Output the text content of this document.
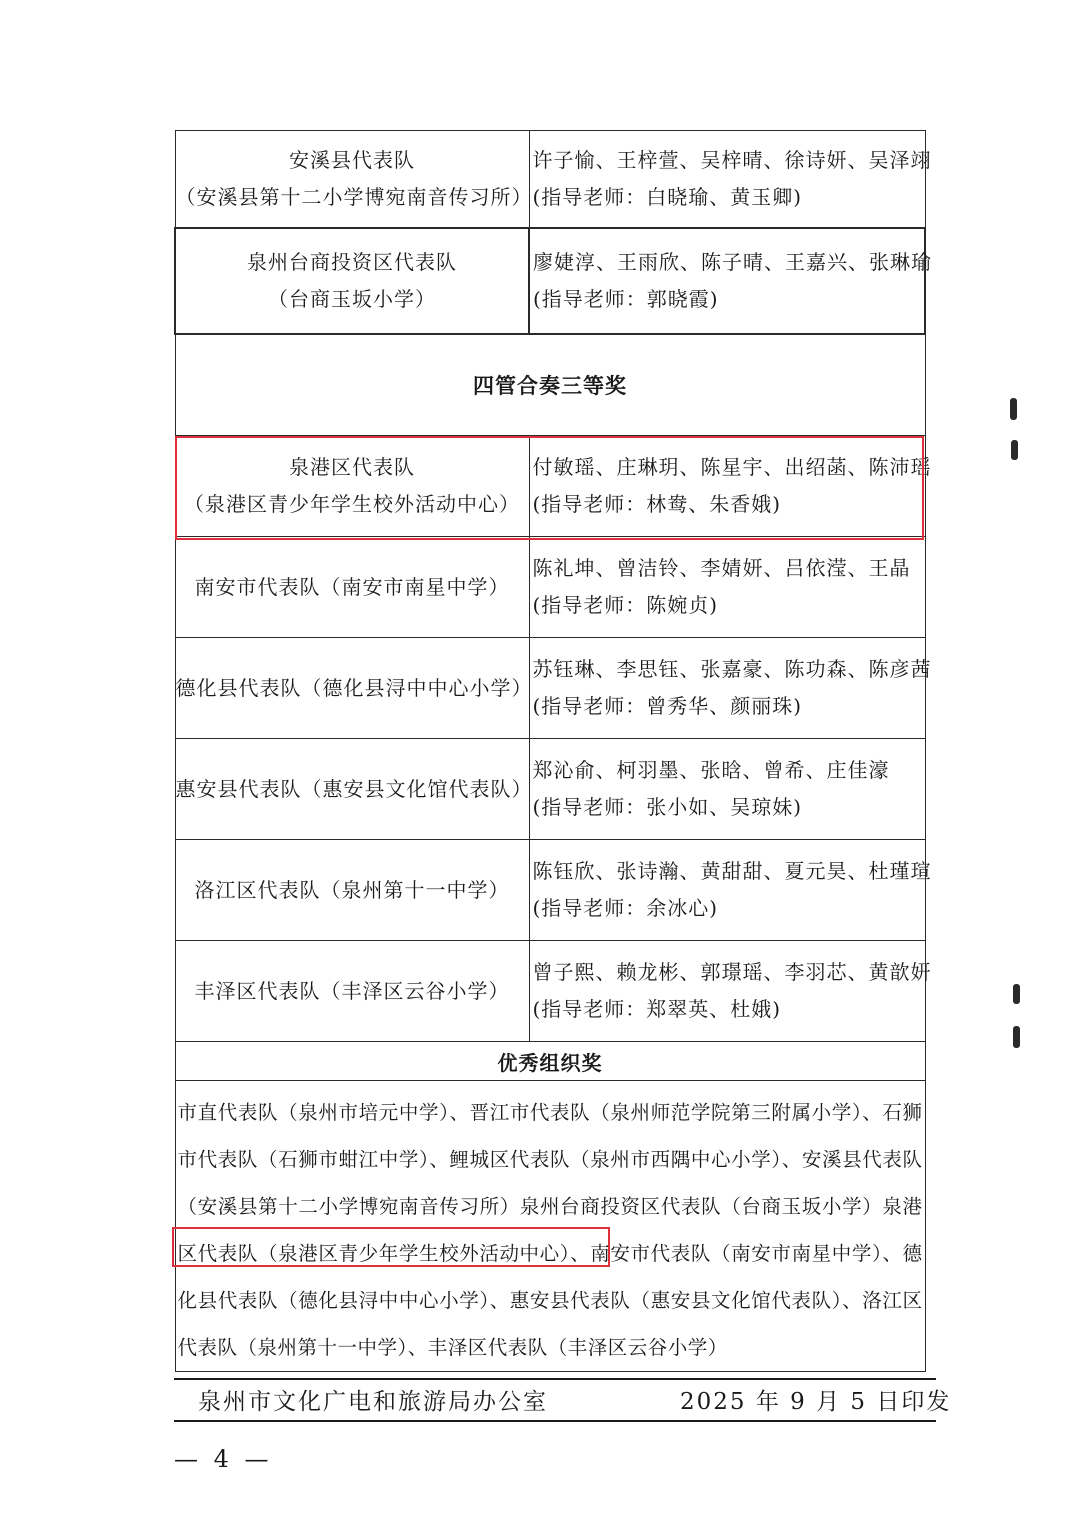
安溪县代表队
（安溪县第十二小学博宛南音传习所）	许子愉、王梓萱、吴梓晴、徐诗妍、吴泽翊
(指导老师：白晓瑜、黄玉卿)

泉州台商投资区代表队
（台商玉坂小学）	廖婕淳、王雨欣、陈子晴、王嘉兴、张琳瑜
(指导老师：郭晓霞)

四管合奏三等奖	

泉港区代表队
（泉港区青少年学生校外活动中心）	付敏瑶、庄琳玥、陈星宇、出绍菡、陈沛瑶
(指导老师：林鸯、朱香娥)

南安市代表队（南安市南星中学）	陈礼坤、曾洁铃、李婧妍、吕依滢、王晶
(指导老师：陈婉贞)

德化县代表队（德化县浔中中心小学）	苏钰琳、李思钰、张嘉豪、陈功森、陈彦茜
(指导老师：曾秀华、颜丽珠)

惠安县代表队（惠安县文化馆代表队）	郑沁俞、柯羽墨、张晗、曾希、庄佳濠
(指导老师：张小如、吴琼妹)

洛江区代表队（泉州第十一中学）	陈钰欣、张诗瀚、黄甜甜、夏元昊、杜瑾瑄
(指导老师：余冰心)

丰泽区代表队（丰泽区云谷小学）	曾子熙、赖龙彬、郭璟瑶、李羽芯、黄歆妍
(指导老师：郑翠英、杜娥)

优秀组织奖	

市直代表队（泉州市培元中学）、晋江市代表队（泉州师范学院第三附属小学）、石狮市代表队（石狮市蚶江中学）、鲤城区代表队（泉州市西隅中心小学）、安溪县代表队（安溪县第十二小学博宛南音传习所）泉州台商投资区代表队（台商玉坂小学）泉港区代表队（泉港区青少年学生校外活动中心）、南安市代表队（南安市南星中学）、德化县代表队（德化县浔中中心小学）、惠安县代表队（惠安县文化馆代表队）、洛江区代表队（泉州第十一中学）、丰泽区代表队（丰泽区云谷小学）	
泉州市文化广电和旅游局办公室	2025 年 9 月 5 日印发
— 4 —
